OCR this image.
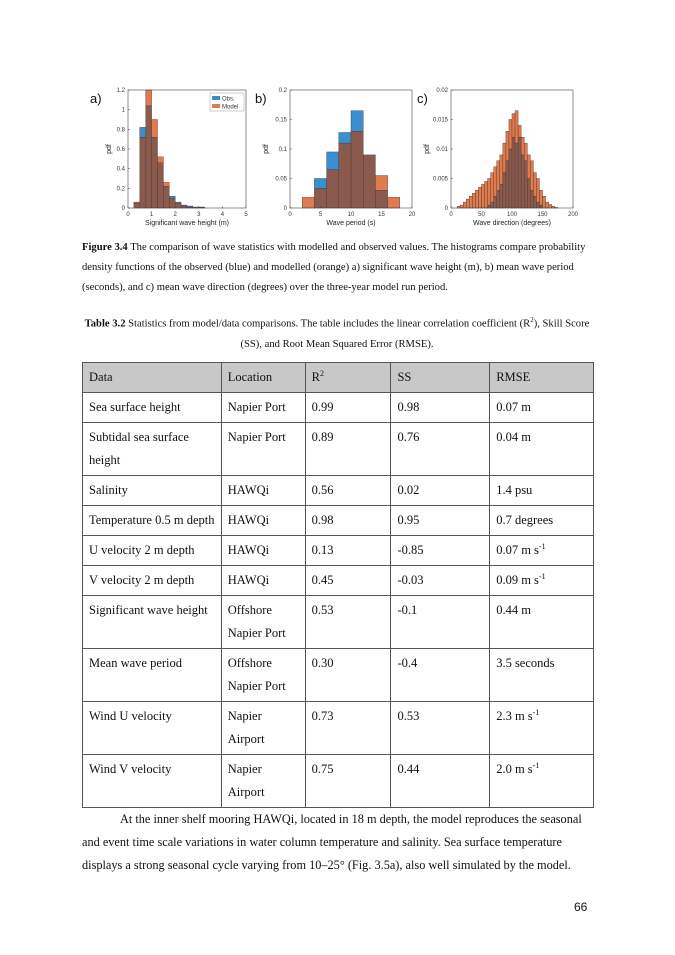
0	1	2	3	4	5
0
0.2
0.4
0.6
0.8
1
1.2
Significant wave height (m)
pdf
Obs.
Model
a)
0	5	10	15	20
0
0.05
0.1
0.15
0.2
Wave period (s)
pdf
b)
0	50	100	150	200
0
0.005
0.01
0.015
0.02
Wave direction (degrees)
pdf
c)
Figure 3.4 The comparison of wave statistics with modelled and observed values. The histograms compare probability density functions of the observed (blue) and modelled (orange) a) significant wave height (m), b) mean wave period (seconds), and c) mean wave direction (degrees) over the three-year model run period.
Table 3.2 Statistics from model/data comparisons. The table includes the linear correlation coefficient $(R^2)$, Skill Score (SS), and Root Mean Squared Error (RMSE).
Data	Location	$R^2$	SS	RMSE
Sea surface height	Napier Port	0.99	0.98	0.07 m
Subtidal sea surface height	Napier Port	0.89	0.76	0.04 m
Salinity	HAWQi	0.56	0.02	1.4 psu
Temperature 0.5 m depth	HAWQi	0.98	0.95	0.7 degrees
U velocity 2 m depth	HAWQi	0.13	-0.85	0.07 m $s^{-1}$
V velocity 2 m depth	HAWQi	0.45	-0.03	0.09 m $s^{-1}$
Significant wave height	Offshore Napier Port	0.53	-0.1	0.44 m
Mean wave period	Offshore Napier Port	0.30	-0.4	3.5 seconds
Wind U velocity	Napier Airport	0.73	0.53	2.3 m $s^{-1}$
Wind V velocity	Napier Airport	0.75	0.44	2.0 m $s^{-1}$

At the inner shelf mooring HAWQi, located in 18 m depth, the model reproduces the seasonal and event time scale variations in water column temperature and salinity. Sea surface temperature displays a strong seasonal cycle varying from 10–25° (Fig. 3.5a), also well simulated by the model.

66
